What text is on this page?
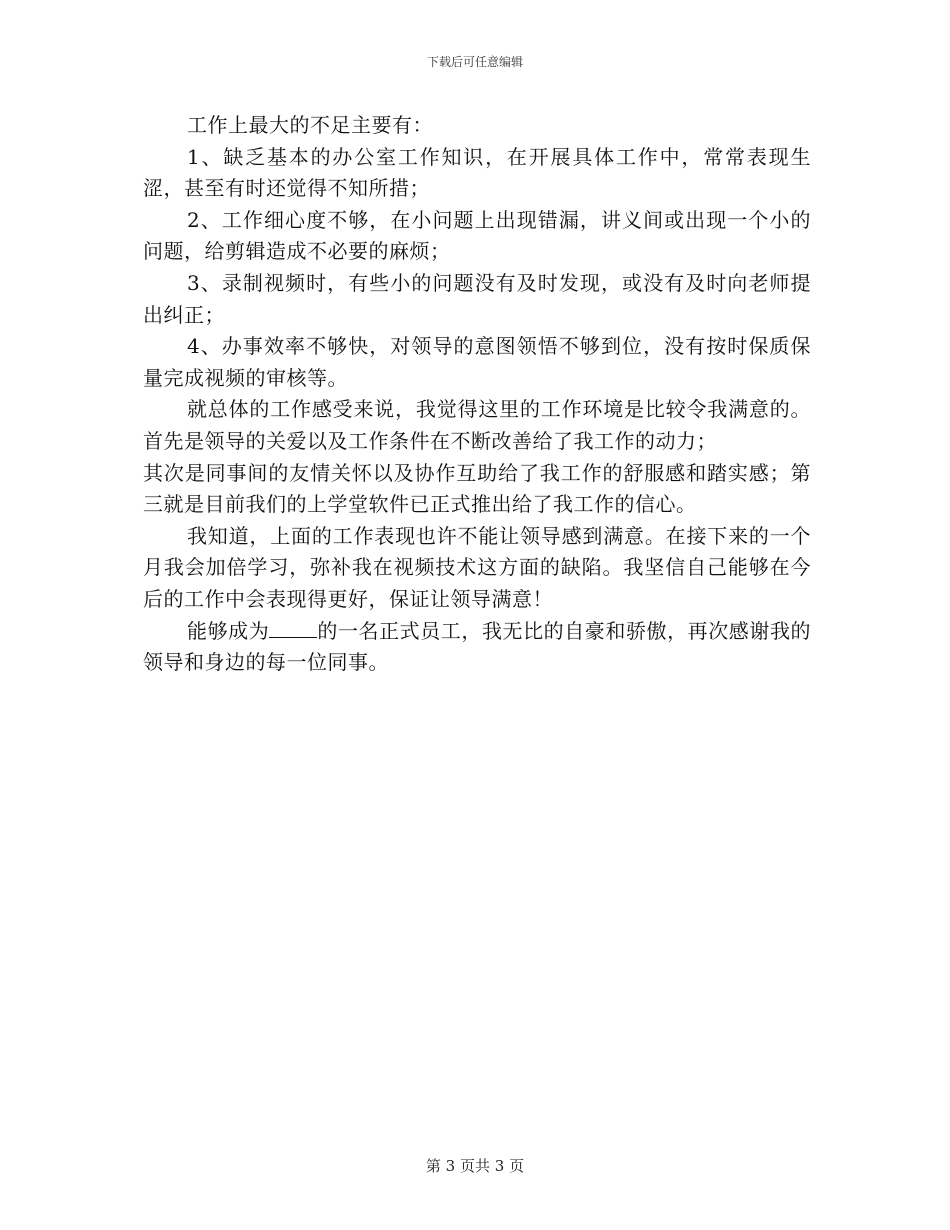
下载后可任意编辑

工作上最大的不足主要有：

1、缺乏基本的办公室工作知识，在开展具体工作中，常常表现生涩，甚至有时还觉得不知所措；

2、工作细心度不够，在小问题上出现错漏，讲义间或出现一个小的问题，给剪辑造成不必要的麻烦；

3、录制视频时，有些小的问题没有及时发现，或没有及时向老师提出纠正；

4、办事效率不够快，对领导的意图领悟不够到位，没有按时保质保量完成视频的审核等。

就总体的工作感受来说，我觉得这里的工作环境是比较令我满意的。首先是领导的关爱以及工作条件在不断改善给了我工作的动力；

其次是同事间的友情关怀以及协作互助给了我工作的舒服感和踏实感；第三就是目前我们的上学堂软件已正式推出给了我工作的信心。

我知道，上面的工作表现也许不能让领导感到满意。在接下来的一个月我会加倍学习，弥补我在视频技术这方面的缺陷。我坚信自己能够在今后的工作中会表现得更好，保证让领导满意！

能够成为 的一名正式员工，我无比的自豪和骄傲，再次感谢我的领导和身边的每一位同事。

第 3 页共 3 页
